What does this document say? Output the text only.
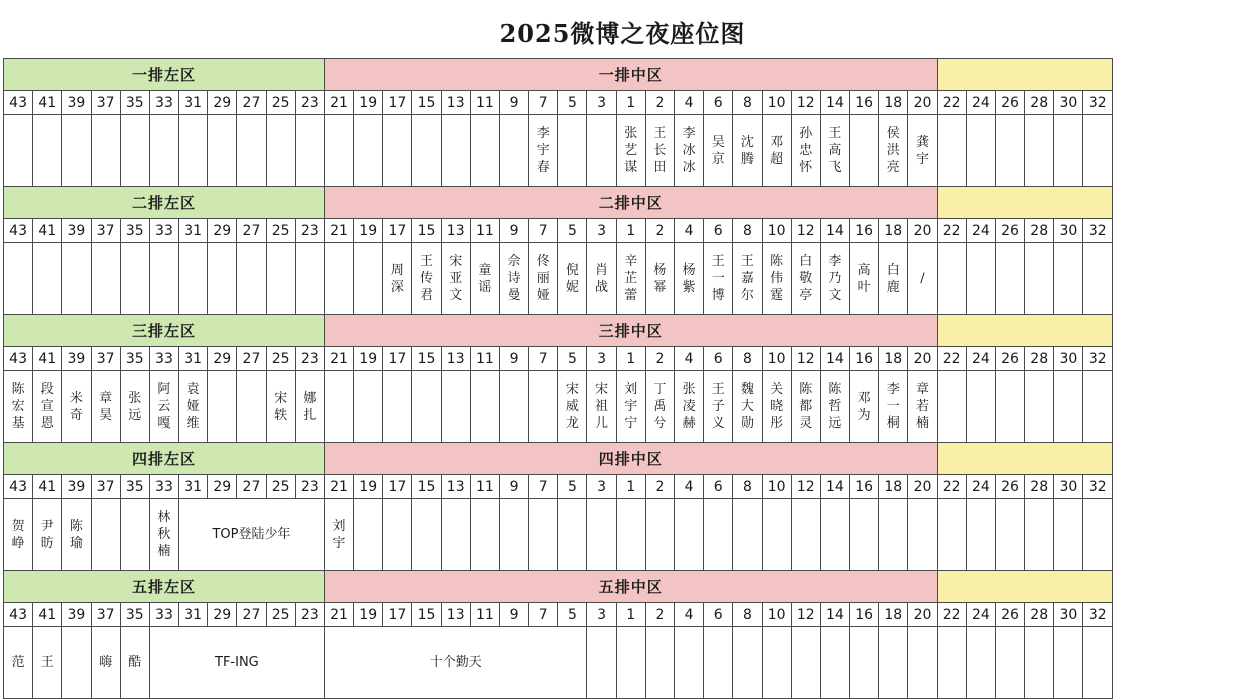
2025微博之夜座位图
一排左区											一排中区																										
43	41	39	37	35	33	31	29	27	25	23	21	19	17	15	13	11	9	7	5	3	1	2	4	6	8	10	12	14	16	18	20	22	24	26	28	30	32
																		李宇春			张艺谋	王长田	李冰冰	吴京	沈腾	邓超	孙忠怀	王高飞		侯洪亮	龚宇						
二排左区											二排中区																										
43	41	39	37	35	33	31	29	27	25	23	21	19	17	15	13	11	9	7	5	3	1	2	4	6	8	10	12	14	16	18	20	22	24	26	28	30	32
													周深	王传君	宋亚文	童谣	佘诗曼	佟丽娅	倪妮	肖战	辛芷蕾	杨幂	杨紫	王一博	王嘉尔	陈伟霆	白敬亭	李乃文	高叶	白鹿	/						
三排左区											三排中区																										
43	41	39	37	35	33	31	29	27	25	23	21	19	17	15	13	11	9	7	5	3	1	2	4	6	8	10	12	14	16	18	20	22	24	26	28	30	32
陈宏基	段宣恩	米奇	章昊	张远	阿云嘎	袁娅维			宋轶	娜扎									宋威龙	宋祖儿	刘宇宁	丁禹兮	张凌赫	王子义	魏大勋	关晓彤	陈都灵	陈哲远	邓为	李一桐	章若楠						
四排左区											四排中区																										
43	41	39	37	35	33	31	29	27	25	23	21	19	17	15	13	11	9	7	5	3	1	2	4	6	8	10	12	14	16	18	20	22	24	26	28	30	32
贺峥	尹昉	陈瑜			林秋楠	TOP登陆少年					刘宇																										
五排左区											五排中区																										
43	41	39	37	35	33	31	29	27	25	23	21	19	17	15	13	11	9	7	5	3	1	2	4	6	8	10	12	14	16	18	20	22	24	26	28	30	32
范	王		嗨	酷	TF-ING						十个勤天																										
